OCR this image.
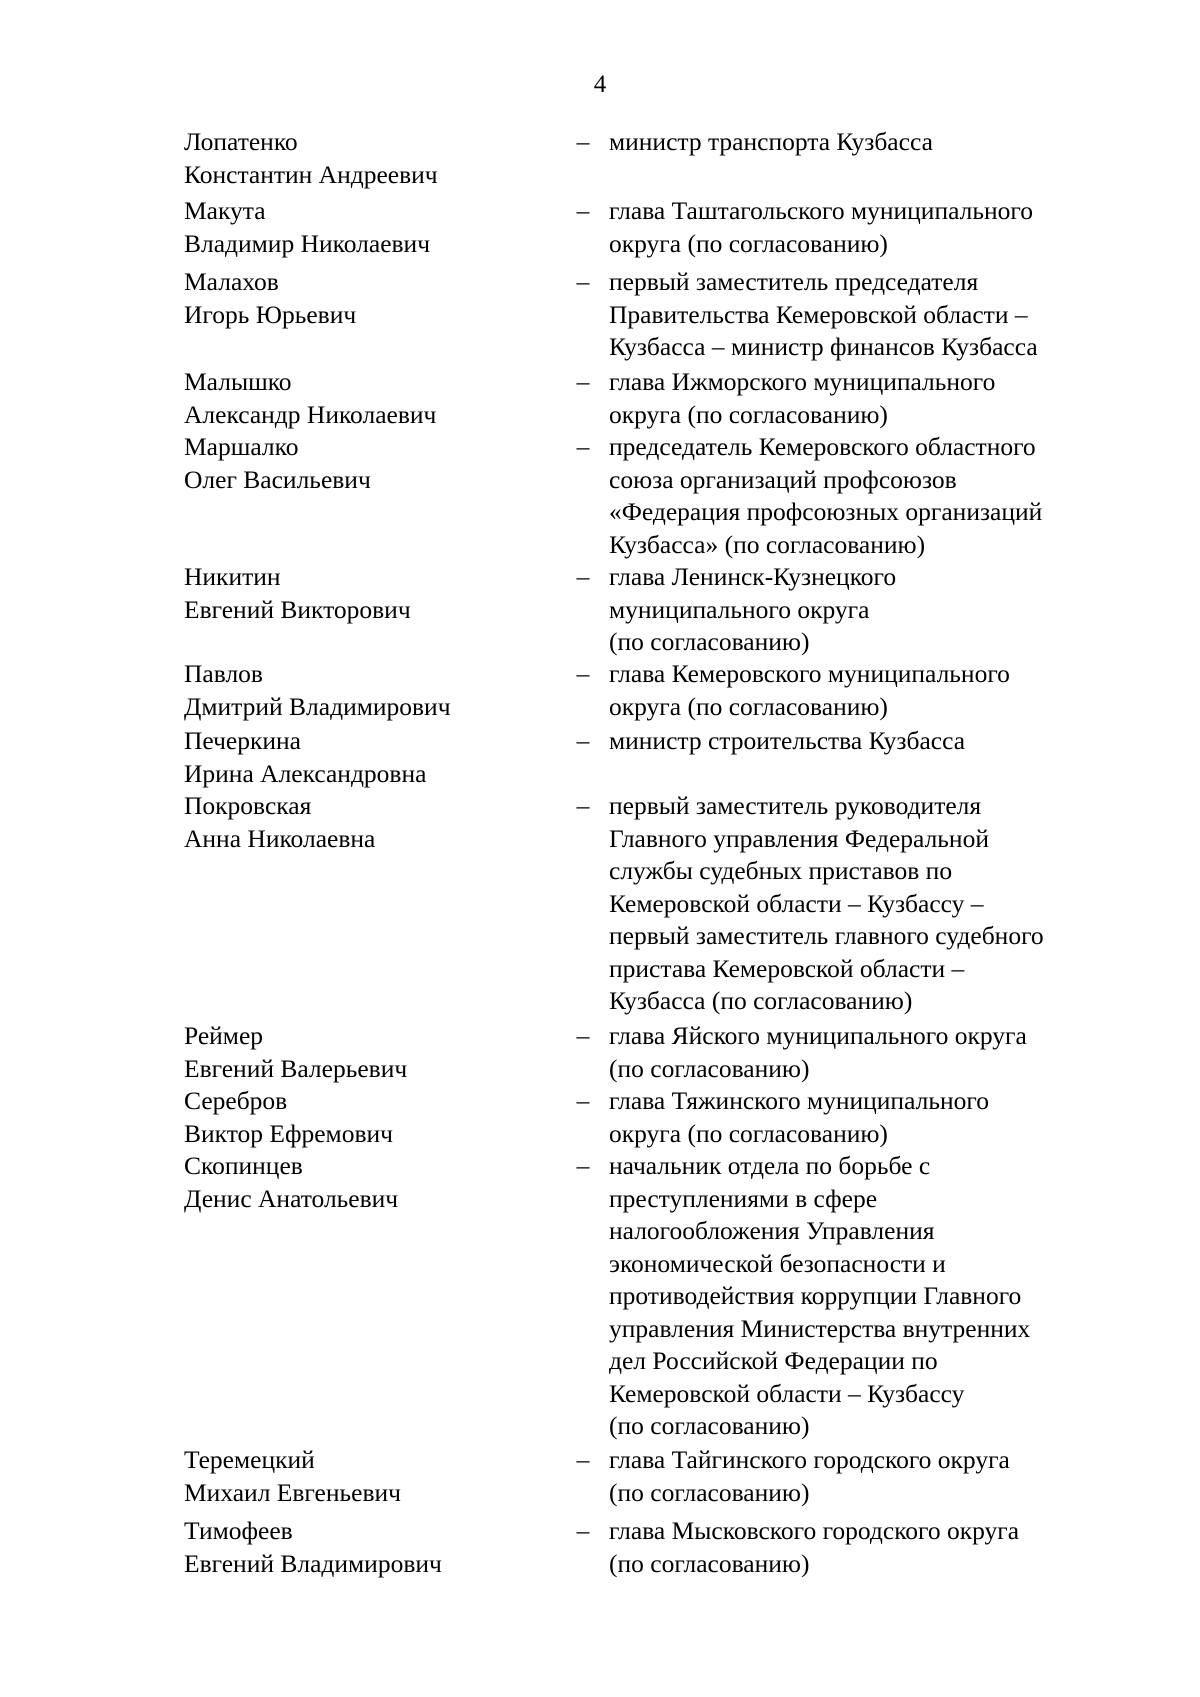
4
Лопатенко
Константин Андреевич
– министр транспорта Кузбасса
Макута
Владимир Николаевич
– глава Таштагольского муниципального
округа (по согласованию)
Малахов
Игорь Юрьевич
– первый заместитель председателя
Правительства Кемеровской области –
Кузбасса – министр финансов Кузбасса
Малышко
Александр Николаевич
– глава Ижморского муниципального
округа (по согласованию)
Маршалко
Олег Васильевич
– председатель Кемеровского областного
союза организаций профсоюзов
«Федерация профсоюзных организаций
Кузбасса» (по согласованию)
Никитин
Евгений Викторович
– глава Ленинск-Кузнецкого
муниципального округа
(по согласованию)
Павлов
Дмитрий Владимирович
– глава Кемеровского муниципального
округа (по согласованию)
Печеркина
Ирина Александровна
– министр строительства Кузбасса
Покровская
Анна Николаевна
– первый заместитель руководителя
Главного управления Федеральной
службы судебных приставов по
Кемеровской области – Кузбассу –
первый заместитель главного судебного
пристава Кемеровской области –
Кузбасса (по согласованию)
Реймер
Евгений Валерьевич
– глава Яйского муниципального округа
(по согласованию)
Серебров
Виктор Ефремович
– глава Тяжинского муниципального
округа (по согласованию)
Скопинцев
Денис Анатольевич
– начальник отдела по борьбе с
преступлениями в сфере
налогообложения Управления
экономической безопасности и
противодействия коррупции Главного
управления Министерства внутренних
дел Российской Федерации по
Кемеровской области – Кузбассу
(по согласованию)
Теремецкий
Михаил Евгеньевич
– глава Тайгинского городского округа
(по согласованию)
Тимофеев
Евгений Владимирович
– глава Мысковского городского округа
(по согласованию)
